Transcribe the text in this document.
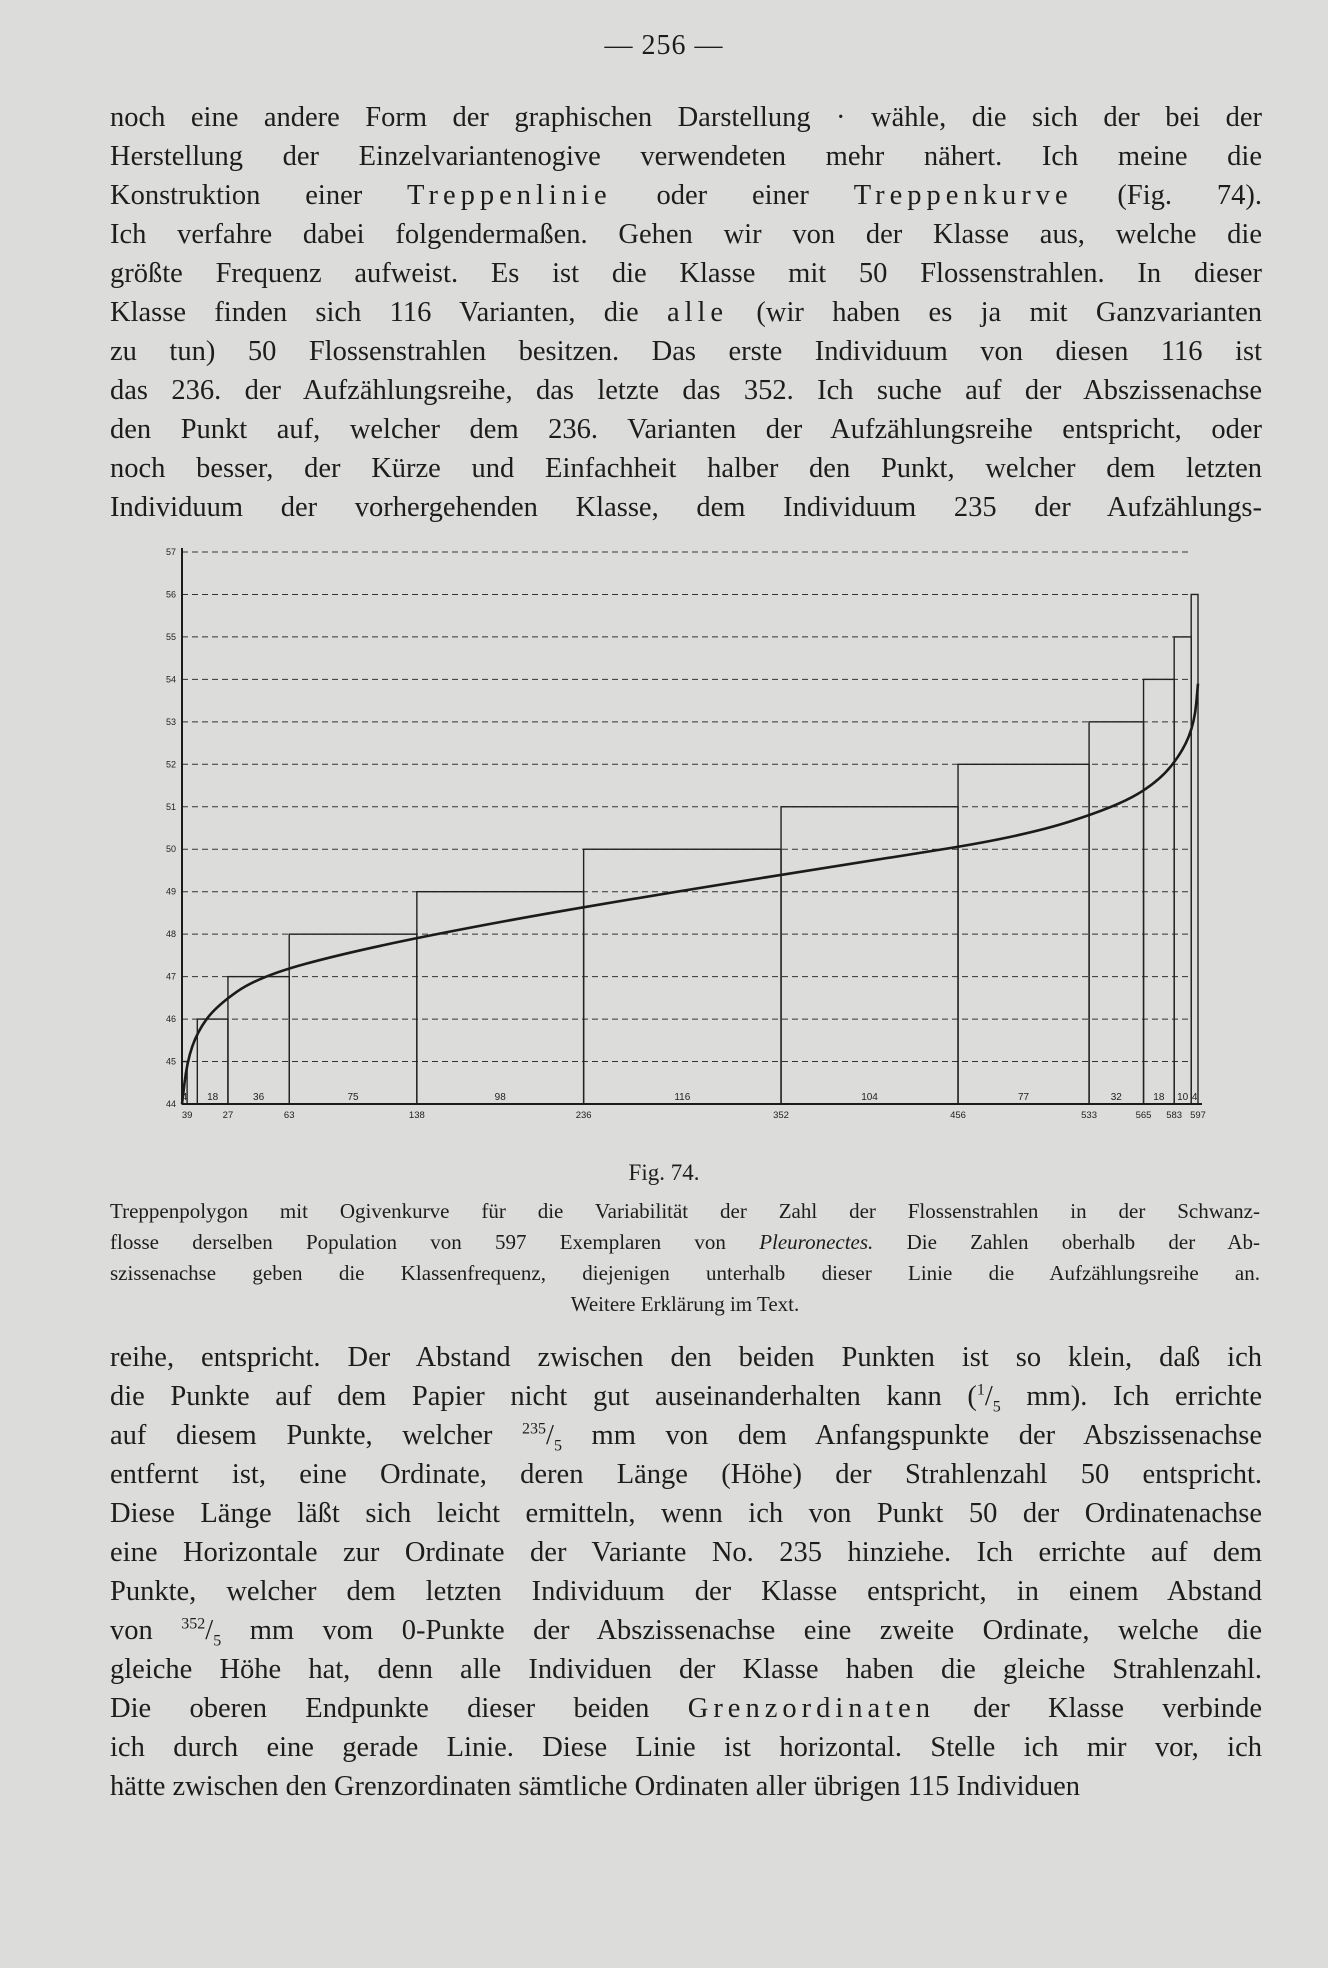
— 256 —
noch eine andere Form der graphischen Darstellung · wähle, die sich der bei der
Herstellung der Einzelvariantenogive verwendeten mehr nähert. Ich meine die
Konstruktion einer Treppenlinie oder einer Treppenkurve (Fig. 74).
Ich verfahre dabei folgendermaßen. Gehen wir von der Klasse aus, welche die
größte Frequenz aufweist. Es ist die Klasse mit 50 Flossenstrahlen. In dieser
Klasse finden sich 116 Varianten, die alle (wir haben es ja mit Ganzvarianten
zu tun) 50 Flossenstrahlen besitzen. Das erste Individuum von diesen 116 ist
das 236. der Aufzählungsreihe, das letzte das 352. Ich suche auf der Abszissenachse
den Punkt auf, welcher dem 236. Varianten der Aufzählungsreihe entspricht, oder
noch besser, der Kürze und Einfachheit halber den Punkt, welcher dem letzten
Individuum der vorhergehenden Klasse, dem Individuum 235 der Aufzählungs-
44
45
46
47
48
49
50
51
52
53
54
55
56
57
4 18	36	75	98	116	104	77	32	18 10 4
39	27	63	138	236	352	456	533	565 583 597
Fig. 74.
Treppenpolygon mit Ogivenkurve für die Variabilität der Zahl der Flossenstrahlen in der Schwanz-
flosse derselben Population von 597 Exemplaren von Pleuronectes. Die Zahlen oberhalb der Ab-
szissenachse geben die Klassenfrequenz, diejenigen unterhalb dieser Linie die Aufzählungsreihe an.
Weitere Erklärung im Text.
reihe, entspricht. Der Abstand zwischen den beiden Punkten ist so klein, daß ich
die Punkte auf dem Papier nicht gut auseinanderhalten kann ($^1/_5$ mm). Ich errichte
auf diesem Punkte, welcher $^{235}/_5$ mm von dem Anfangspunkte der Abszissenachse
entfernt ist, eine Ordinate, deren Länge (Höhe) der Strahlenzahl 50 entspricht.
Diese Länge läßt sich leicht ermitteln, wenn ich von Punkt 50 der Ordinatenachse
eine Horizontale zur Ordinate der Variante No. 235 hinziehe. Ich errichte auf dem
Punkte, welcher dem letzten Individuum der Klasse entspricht, in einem Abstand
von $^{352}/_5$ mm vom 0-Punkte der Abszissenachse eine zweite Ordinate, welche die
gleiche Höhe hat, denn alle Individuen der Klasse haben die gleiche Strahlenzahl.
Die oberen Endpunkte dieser beiden Grenzordinaten der Klasse verbinde
ich durch eine gerade Linie. Diese Linie ist horizontal. Stelle ich mir vor, ich
hätte zwischen den Grenzordinaten sämtliche Ordinaten aller übrigen 115 Individuen
